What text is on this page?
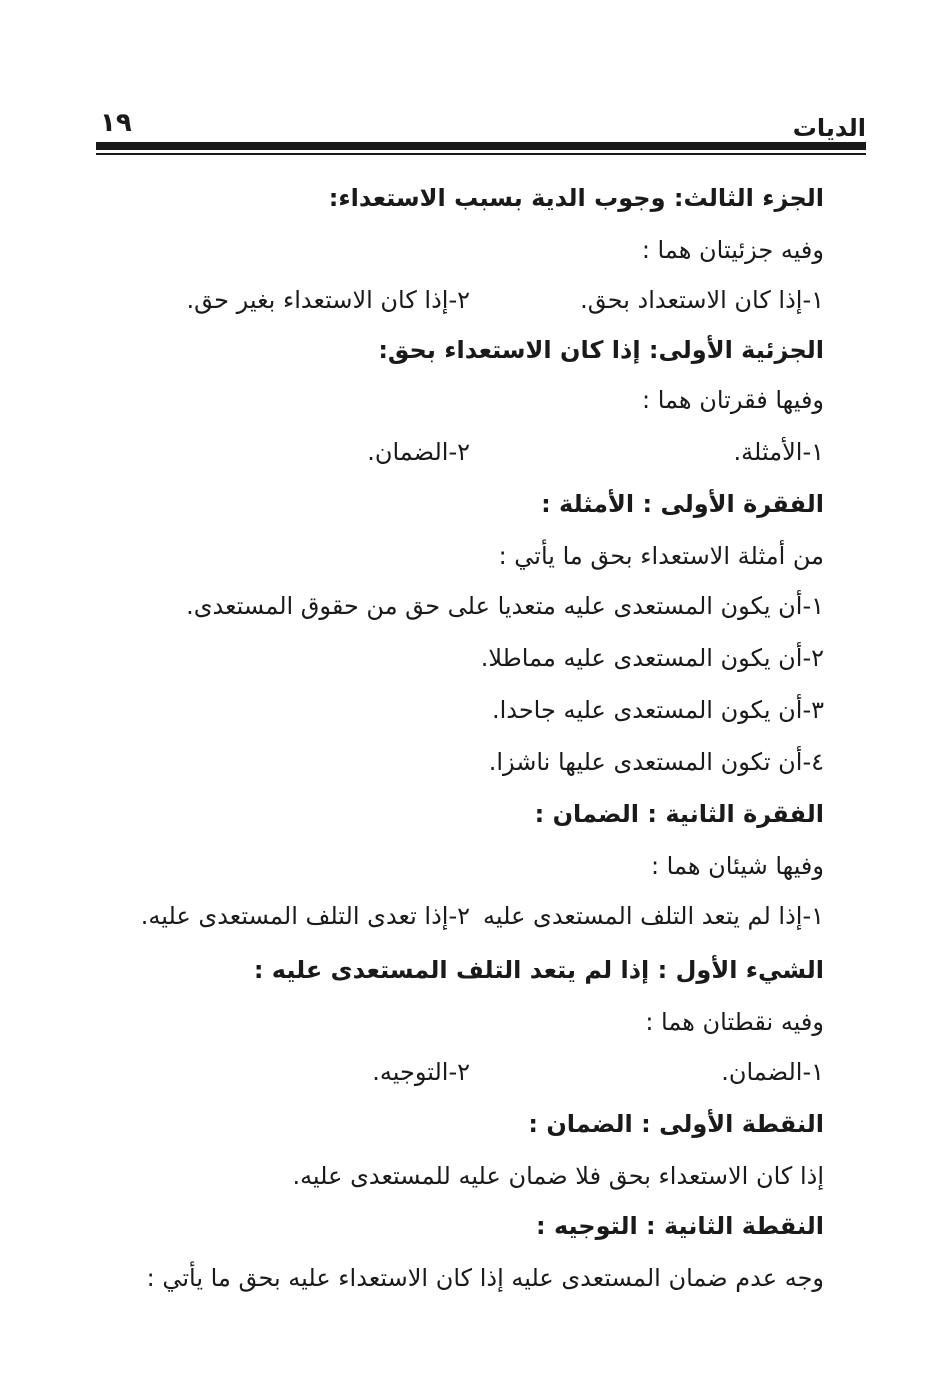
الديات
١٩
الجزء الثالث: وجوب الدية بسبب الاستعداء:
وفيه جزئيتان هما :
١-إذا كان الاستعداد بحق.
٢-إذا كان الاستعداء بغير حق.
الجزئية الأولى: إذا كان الاستعداء بحق:
وفيها فقرتان هما :
١-الأمثلة.
٢-الضمان.
الفقرة الأولى : الأمثلة :
من أمثلة الاستعداء بحق ما يأتي :
١-أن يكون المستعدى عليه متعديا على حق من حقوق المستعدى.
٢-أن يكون المستعدى عليه مماطلا.
٣-أن يكون المستعدى عليه جاحدا.
٤-أن تكون المستعدى عليها ناشزا.
الفقرة الثانية : الضمان :
وفيها شيئان هما :
١-إذا لم يتعد التلف المستعدى عليه
٢-إذا تعدى التلف المستعدى عليه.
الشيء الأول : إذا لم يتعد التلف المستعدى عليه :
وفيه نقطتان هما :
١-الضمان.
٢-التوجيه.
النقطة الأولى : الضمان :
إذا كان الاستعداء بحق فلا ضمان عليه للمستعدى عليه.
النقطة الثانية : التوجيه :
وجه عدم ضمان المستعدى عليه إذا كان الاستعداء عليه بحق ما يأتي :
